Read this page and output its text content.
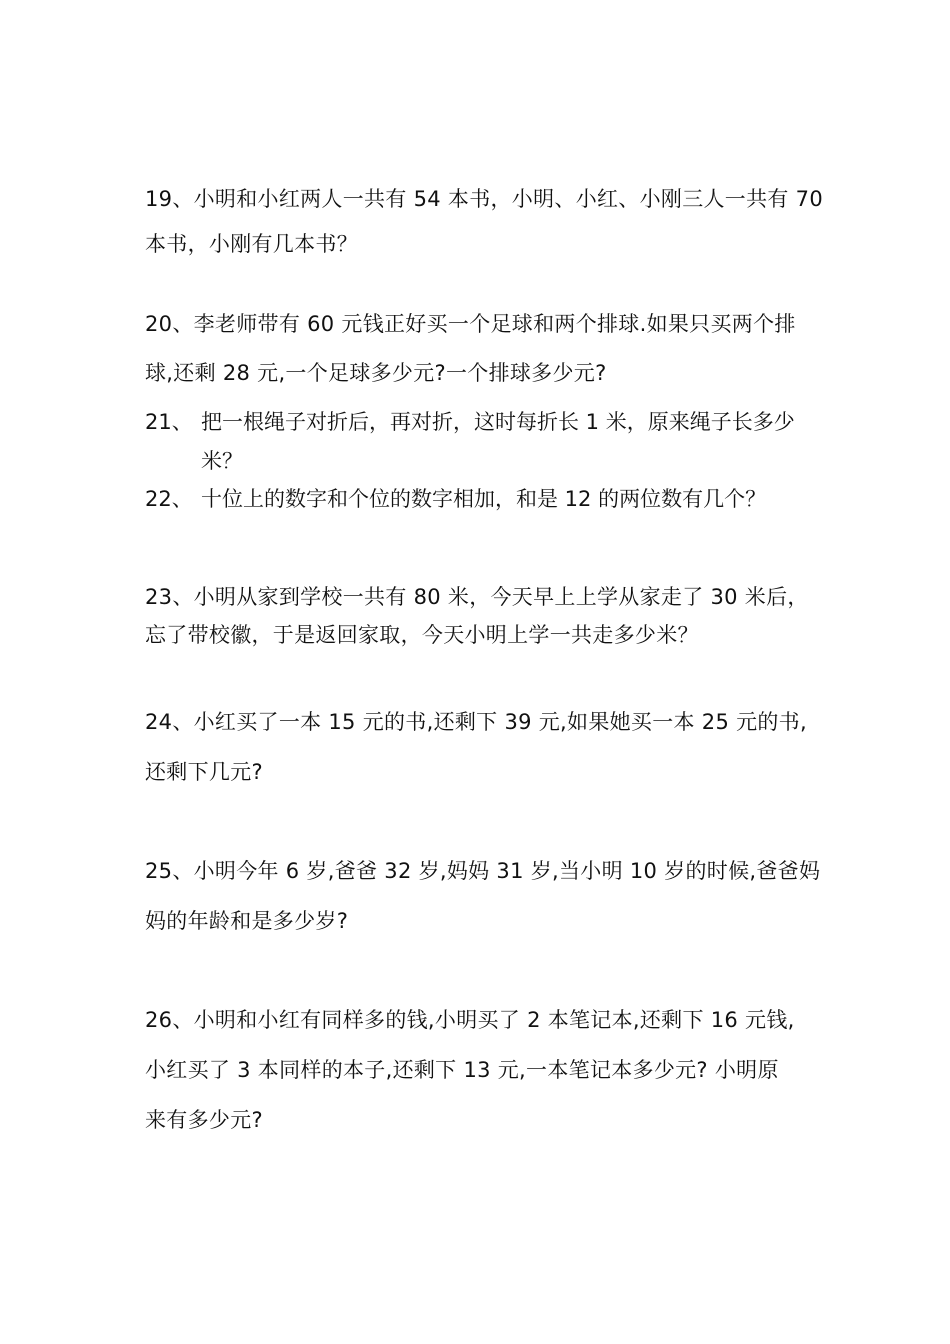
19、小明和小红两人一共有 54 本书，小明、小红、小刚三人一共有 70

本书，小刚有几本书？

20、李老师带有 60 元钱正好买一个足球和两个排球.如果只买两个排

球,还剩 28 元,一个足球多少元?一个排球多少元?

21、 把一根绳子对折后，再对折，这时每折长 1 米，原来绳子长多少

米？

22、 十位上的数字和个位的数字相加，和是 12 的两位数有几个？

23、小明从家到学校一共有 80 米，今天早上上学从家走了 30 米后，

忘了带校徽，于是返回家取，今天小明上学一共走多少米？

24、小红买了一本 15 元的书,还剩下 39 元,如果她买一本 25 元的书,

还剩下几元?

25、小明今年 6 岁,爸爸 32 岁,妈妈 31 岁,当小明 10 岁的时候,爸爸妈

妈的年龄和是多少岁?

26、小明和小红有同样多的钱,小明买了 2 本笔记本,还剩下 16 元钱,

小红买了 3 本同样的本子,还剩下 13 元,一本笔记本多少元? 小明原

来有多少元?
